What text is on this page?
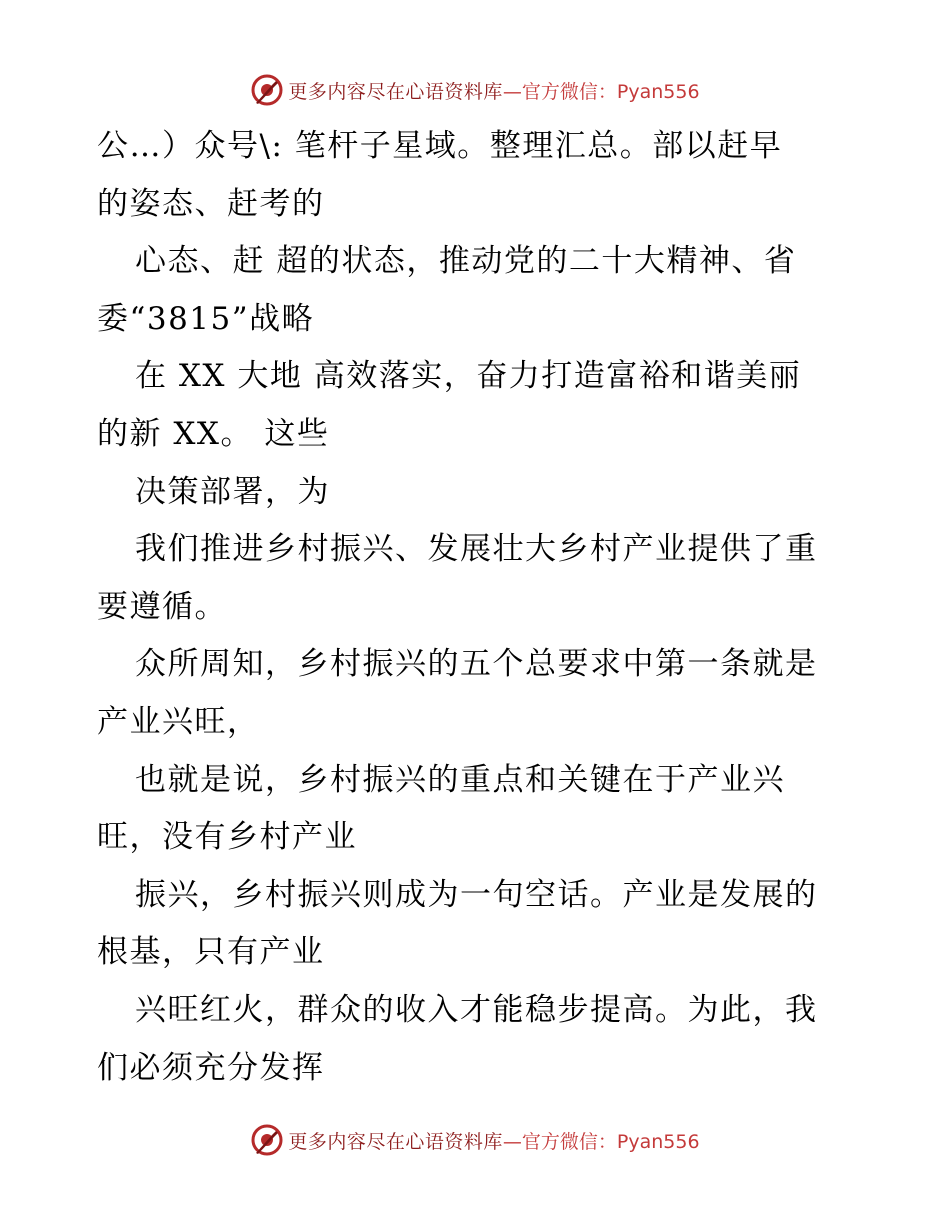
更多内容尽在心语资料库 —官方微信：Pyan556
公…）众号\: 笔杆子星域。整理汇总。部以赶早
的姿态、赶考的
心态、赶 超的状态，推动党的二十大精神、省
委“3815”战略
在 XX 大地 高效落实，奋力打造富裕和谐美丽
的新 XX。 这些
决策部署，为
我们推进乡村振兴、发展壮大乡村产业提供了重
要遵循。
众所周知，乡村振兴的五个总要求中第一条就是
产业兴旺，
也就是说，乡村振兴的重点和关键在于产业兴
旺，没有乡村产业
振兴，乡村振兴则成为一句空话。产业是发展的
根基，只有产业
兴旺红火，群众的收入才能稳步提高。为此，我
们必须充分发挥
更多内容尽在心语资料库 —官方微信：Pyan556
